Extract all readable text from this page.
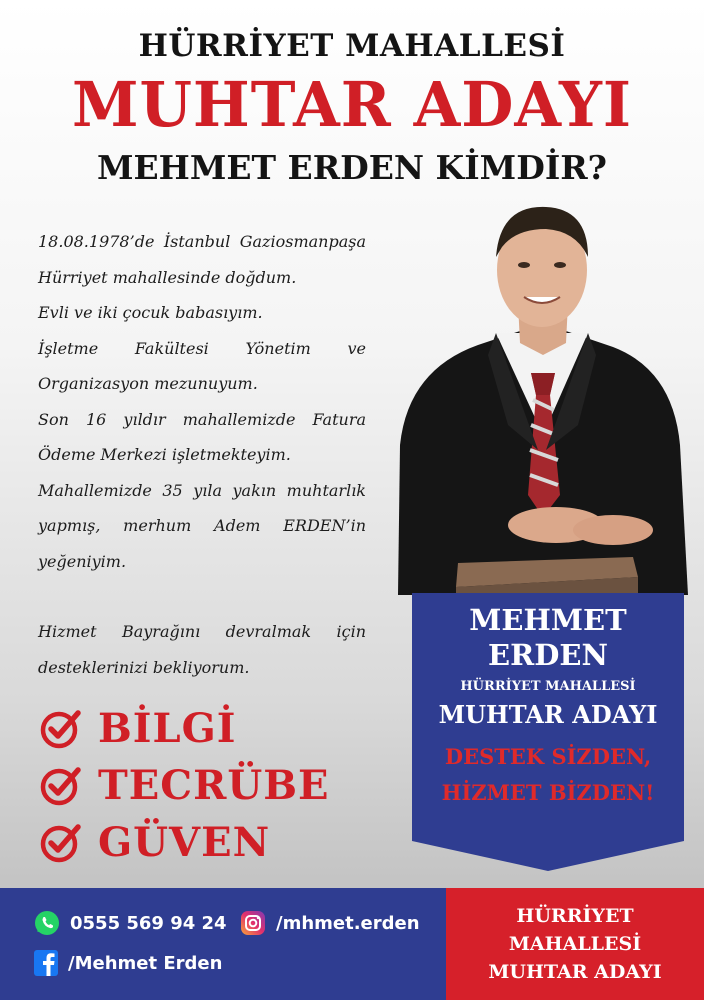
HÜRRİYET MAHALLESİ
MUHTAR ADAYI
MEHMET ERDEN KİMDİR?

18.08.1978’de İstanbul Gaziosmanpaşa Hürriyet mahallesinde doğdum.

Evli ve iki çocuk babasıyım.

İşletme Fakültesi Yönetim ve Organizasyon mezunuyum.

Son 16 yıldır mahallemizde Fatura Ödeme Merkezi işletmekteyim.

Mahallemizde 35 yıla yakın muhtarlık yapmış, merhum Adem ERDEN’in yeğeniyim.

Hizmet Bayrağını devralmak için desteklerinizi bekliyorum.

BİLGİ
TECRÜBE
GÜVEN
MEHMET
ERDEN
HÜRRİYET MAHALLESİ
MUHTAR ADAYI
DESTEK SİZDEN,
HİZMET BİZDEN!
0555 569 94 24	/mhmet.erden
/Mehmet Erden
HÜRRİYET
MAHALLESİ
MUHTAR ADAYI
